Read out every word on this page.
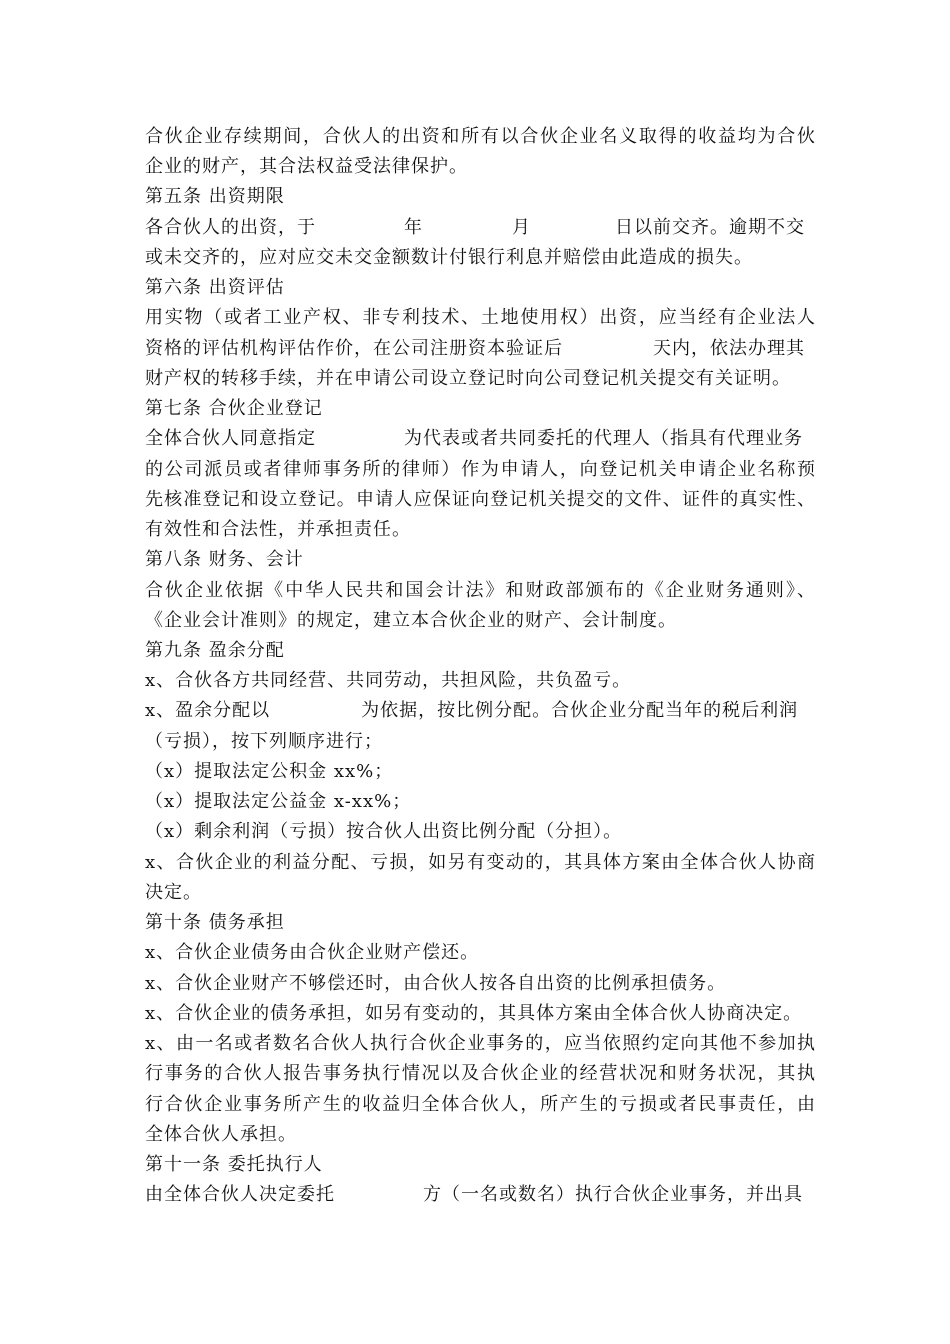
合伙企业存续期间，合伙人的出资和所有以合伙企业名义取得的收益均为合伙
企业的财产，其合法权益受法律保护。
第五条 出资期限
各合伙人的出资，于	年	月	日以前交齐。逾期不交
或未交齐的，应对应交未交金额数计付银行利息并赔偿由此造成的损失。
第六条 出资评估
用实物（或者工业产权、非专利技术、土地使用权）出资，应当经有企业法人
资格的评估机构评估作价，在公司注册资本验证后	天内，依法办理其
财产权的转移手续，并在申请公司设立登记时向公司登记机关提交有关证明。
第七条 合伙企业登记
全体合伙人同意指定	为代表或者共同委托的代理人（指具有代理业务
的公司派员或者律师事务所的律师）作为申请人，向登记机关申请企业名称预
先核准登记和设立登记。申请人应保证向登记机关提交的文件、证件的真实性、
有效性和合法性，并承担责任。
第八条 财务、会计
合伙企业依据《中华人民共和国会计法》和财政部颁布的《企业财务通则》、
《企业会计准则》的规定，建立本合伙企业的财产、会计制度。
第九条 盈余分配
x、合伙各方共同经营、共同劳动，共担风险，共负盈亏。
x、盈余分配以	为依据，按比例分配。合伙企业分配当年的税后利润
（亏损），按下列顺序进行；
（x）提取法定公积金 xx%；
（x）提取法定公益金 x-xx%；
（x）剩余利润（亏损）按合伙人出资比例分配（分担）。
x、合伙企业的利益分配、亏损，如另有变动的，其具体方案由全体合伙人协商
决定。
第十条 债务承担
x、合伙企业债务由合伙企业财产偿还。
x、合伙企业财产不够偿还时，由合伙人按各自出资的比例承担债务。
x、合伙企业的债务承担，如另有变动的，其具体方案由全体合伙人协商决定。
x、由一名或者数名合伙人执行合伙企业事务的，应当依照约定向其他不参加执
行事务的合伙人报告事务执行情况以及合伙企业的经营状况和财务状况，其执
行合伙企业事务所产生的收益归全体合伙人，所产生的亏损或者民事责任，由
全体合伙人承担。
第十一条 委托执行人
由全体合伙人决定委托	方（一名或数名）执行合伙企业事务，并出具
